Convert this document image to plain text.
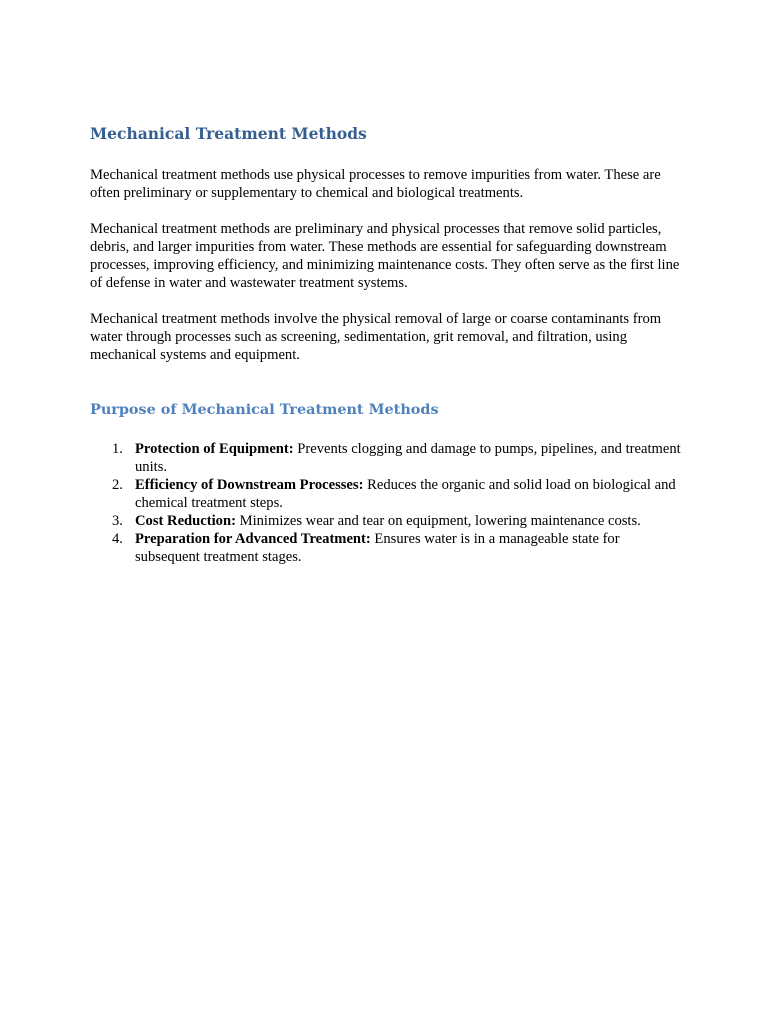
Mechanical Treatment Methods

Mechanical treatment methods use physical processes to remove impurities from water. These are often preliminary or supplementary to chemical and biological treatments.

Mechanical treatment methods are preliminary and physical processes that remove solid particles, debris, and larger impurities from water. These methods are essential for safeguarding downstream processes, improving efficiency, and minimizing maintenance costs. They often serve as the first line of defense in water and wastewater treatment systems.

Mechanical treatment methods involve the physical removal of large or coarse contaminants from water through processes such as screening, sedimentation, grit removal, and filtration, using mechanical systems and equipment.

Purpose of Mechanical Treatment Methods
1. Protection of Equipment: Prevents clogging and damage to pumps, pipelines, and treatment units.
2. Efficiency of Downstream Processes: Reduces the organic and solid load on biological and chemical treatment steps.
3. Cost Reduction: Minimizes wear and tear on equipment, lowering maintenance costs.
4. Preparation for Advanced Treatment: Ensures water is in a manageable state for subsequent treatment stages.
